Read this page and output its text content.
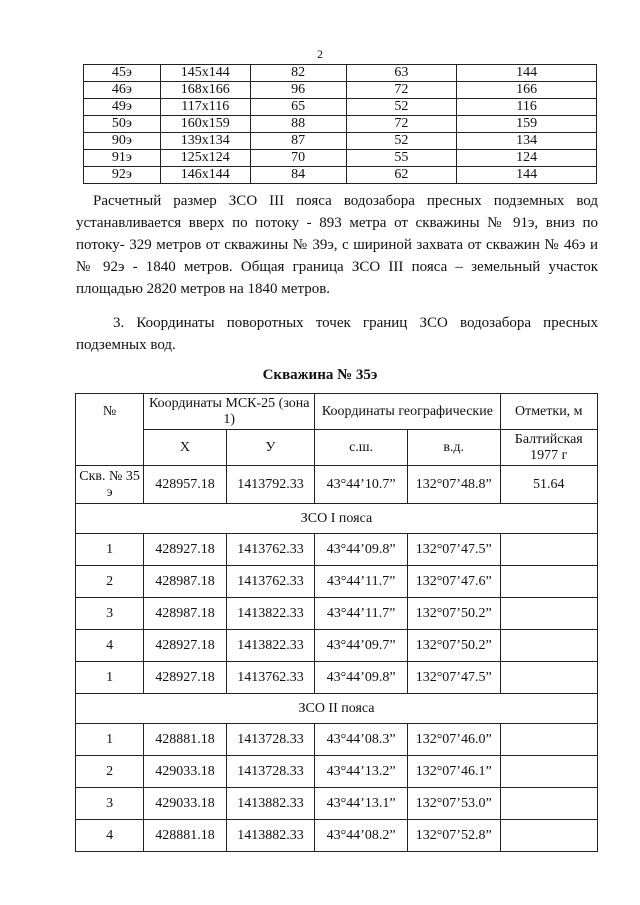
2
45э	145х144	82	63	144
46э	168х166	96	72	166
49э	117х116	65	52	116
50э	160х159	88	72	159
90э	139х134	87	52	134
91э	125х124	70	55	124
92э	146х144	84	62	144
Расчетный размер ЗСО III пояса водозабора пресных подземных вод устанавливается вверх по потоку - 893 метра от скважины № 91э, вниз по потоку- 329 метров от скважины № 39э, с шириной захвата от скважин № 46э и № 92э - 1840 метров. Общая граница ЗСО III пояса – земельный участок площадью 2820 метров на 1840 метров.
3. Координаты поворотных точек границ ЗСО водозабора пресных подземных вод.
Скважина № 35э
№	Координаты МСК-25 (зона 1)		Координаты географические		Отметки, м
	X	У	с.ш.	в.д.	Балтийская 1977 г
Скв. № 35 э	428957.18	1413792.33	43°44’10.7”	132°07’48.8”	51.64
ЗСО I пояса					
1	428927.18	1413762.33	43°44’09.8”	132°07’47.5”	
2	428987.18	1413762.33	43°44’11.7”	132°07’47.6”	
3	428987.18	1413822.33	43°44’11.7”	132°07’50.2”	
4	428927.18	1413822.33	43°44’09.7”	132°07’50.2”	
1	428927.18	1413762.33	43°44’09.8”	132°07’47.5”	
ЗСО II пояса					
1	428881.18	1413728.33	43°44’08.3”	132°07’46.0”	
2	429033.18	1413728.33	43°44’13.2”	132°07’46.1”	
3	429033.18	1413882.33	43°44’13.1”	132°07’53.0”	
4	428881.18	1413882.33	43°44’08.2”	132°07’52.8”	
